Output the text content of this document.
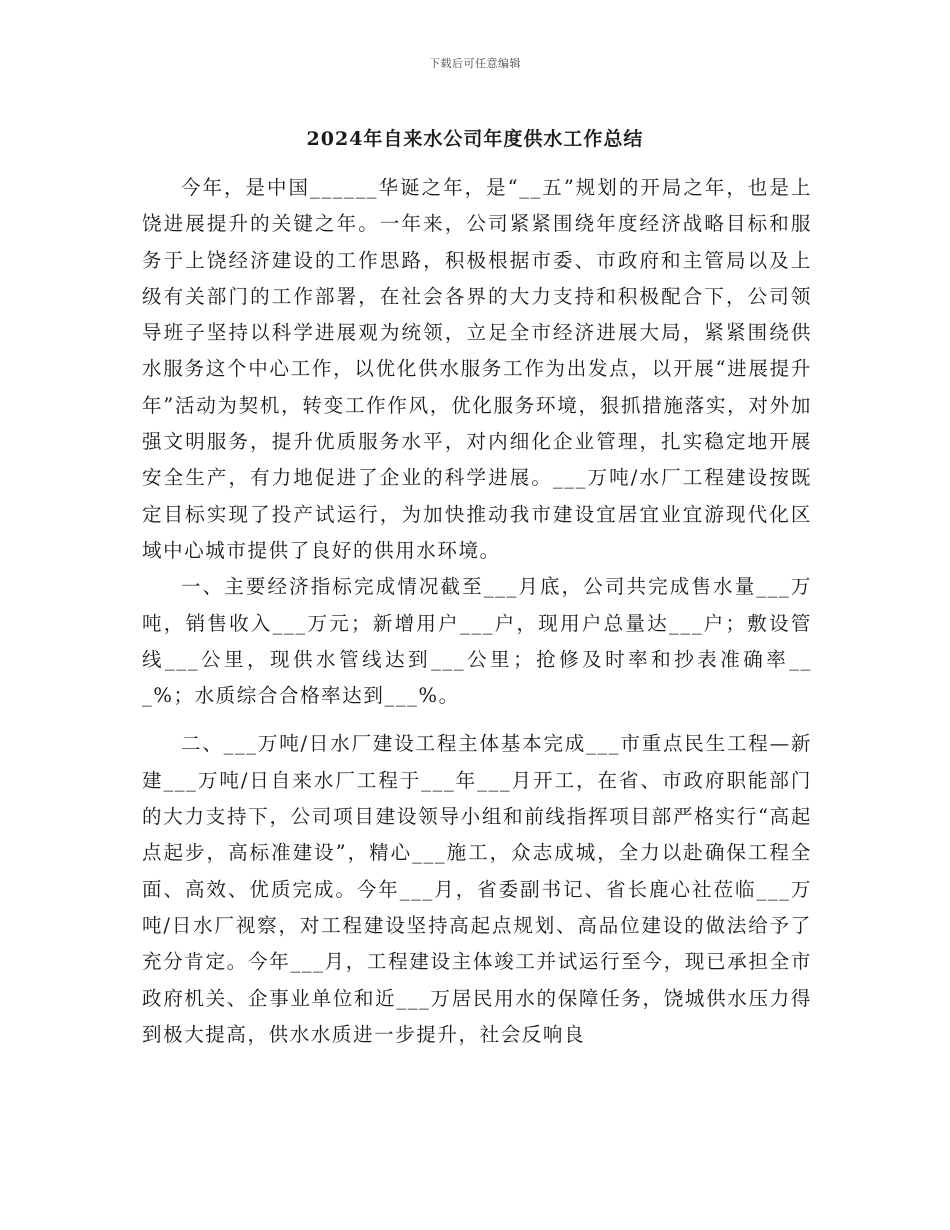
下载后可任意编辑
2024年自来水公司年度供水工作总结

今年，是中国______华诞之年，是“__五”规划的开局之年，也是上饶进展提升的关键之年。一年来，公司紧紧围绕年度经济战略目标和服务于上饶经济建设的工作思路，积极根据市委、市政府和主管局以及上级有关部门的工作部署，在社会各界的大力支持和积极配合下，公司领导班子坚持以科学进展观为统领，立足全市经济进展大局，紧紧围绕供水服务这个中心工作，以优化供水服务工作为出发点，以开展“进展提升年”活动为契机，转变工作作风，优化服务环境，狠抓措施落实，对外加强文明服务，提升优质服务水平，对内细化企业管理，扎实稳定地开展安全生产，有力地促进了企业的科学进展。___万吨/水厂工程建设按既定目标实现了投产试运行，为加快推动我市建设宜居宜业宜游现代化区域中心城市提供了良好的供用水环境。

一、主要经济指标完成情况截至___月底，公司共完成售水量___万吨，销售收入___万元；新增用户___户，现用户总量达___户；敷设管线___公里，现供水管线达到___公里；抢修及时率和抄表准确率___%；水质综合合格率达到___%。

二、___万吨/日水厂建设工程主体基本完成___市重点民生工程—新建___万吨/日自来水厂工程于___年___月开工，在省、市政府职能部门的大力支持下，公司项目建设领导小组和前线指挥项目部严格实行“高起点起步，高标准建设”，精心___施工，众志成城，全力以赴确保工程全面、高效、优质完成。今年___月，省委副书记、省长鹿心社莅临___万吨/日水厂视察，对工程建设坚持高起点规划、高品位建设的做法给予了充分肯定。今年___月，工程建设主体竣工并试运行至今，现已承担全市政府机关、企事业单位和近___万居民用水的保障任务，饶城供水压力得到极大提高，供水水质进一步提升，社会反响良
